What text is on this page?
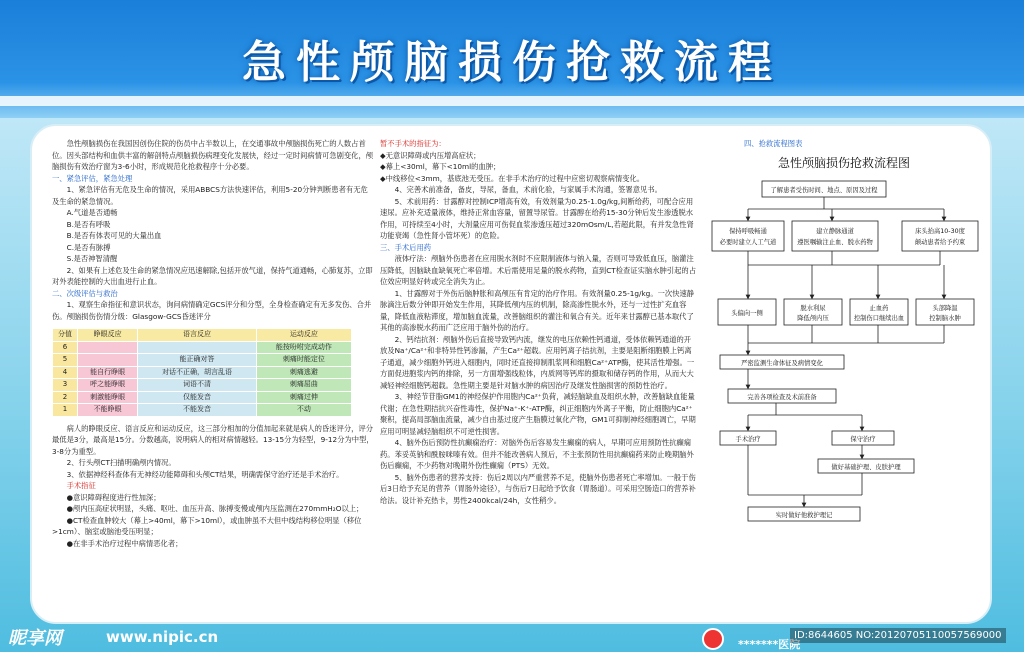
急性颅脑损伤抢救流程
急性颅脑损伤在我国因创伤住院的伤员中占半数以上，在交通事故中颅脑损伤死亡的人数占首位。因头部结构和血供丰富的解剖特点颅脑损伤病理变化发展快，经过一定时间病情可急剧变化，颅脑损伤有效治疗窗为3-6小时，形成规范化抢救程序十分必要。
一、紧急评估，紧急处理
1、紧急评估有无危及生命的情况，采用ABBCS方法快速评估，利用5-20分钟判断患者有无危及生命的紧急情况。
A.气道是否通畅
B.是否有呼吸
B.是否有体表可见的大量出血
C.是否有脉搏
S.是否神智清醒
2、如果有上述危及生命的紧急情况应迅速解除,包括开放气道，保持气道通畅，心肺复苏，立即对外表能控制的大出血进行止血。
二、次级评估与救治
1、观察生命指征和意识状态，询问病情确定GCS评分和分型，全身检查确定有无多发伤、合并伤。颅脑损伤伤情分级：Glasgow-GCS昏迷评分
分值	睁眼反应	语言反应	运动反应
6			能按吩咐完成动作
5		能正确对答	刺痛时能定位
4	能自行睁眼	对话不正确，胡言乱语	刺痛逃避
3	呼之能睁眼	词语不清	刺痛屈曲
2	刺激能睁眼	仅能发音	刺痛过伸
1	不能睁眼	不能发音	不动
病人的睁眼反应、语言反应和运动反应，这三部分相加的分值加起来就是病人的昏迷评分，评分最低是3分，最高是15分。分数越高，说明病人的相对病情越轻。13-15分为轻型，9-12分为中型，3-8分为重型。
2、行头颅CT扫描明确颅内情况。
3、依据神经科查体有无神经功能障碍和头颅CT结果，明确需保守治疗还是手术治疗。
手术指征
●意识障碍程度进行性加深；
●颅内压高症状明显，头痛、呕吐、血压升高、脉搏变慢或颅内压监测在270mmH₂O以上；
●CT检查血肿较大（幕上>40ml，幕下>10ml），或血肿虽不大但中线结构移位明显（移位>1cm）、脑室或脑池受压明显；
●在非手术治疗过程中病情恶化者；
暂不手术的指征为：
◆无意识障碍或内压增高症状；
◆幕上<30ml，幕下<10ml的血肿；
◆中线移位<3mm，基底池无受压。在非手术治疗的过程中应密切观察病情变化。
4、完善术前准备，备皮，导尿，备血，术前化验，与家属手术沟通，签署意见书。
5、术前用药：甘露醇对控制ICP增高有效，有效剂量为0.25-1.0g/kg,间断给药，可配合应用速尿。应补充适量液体，维持正常血容量，留置导尿管。甘露醇在给药15-30分钟后发生渗透脱水作用，可持续至4小时，大剂量应用可伤促血浆渗透压超过320mOsm/L,若超此限，有并发急性肾功能衰竭（急性肾小管坏死）的危险。
三、手术后用药
液体疗法：颅脑外伤患者在应用脱水剂时不应限制液体与钠入量，否则可导致低血压，脑灌注压降低，因脑缺血缺氧死亡率倍增。术后需使用足量的脱水药物，直到CT检查证实脑水肿引起的占位效应明显好转或完全消失为止。
1、甘露醇对于外伤后脑肿胀和高颅压有肯定的治疗作用。有效剂量0.25-1g/kg。一次快速静脉滴注后数分钟即开始发生作用，其降低颅内压的机制，除高渗性脱水外，还与一过性扩充血容量，降低血液粘滞度，增加脑血流量，改善脑组织的灌注和氧合有关。近年来甘露醇已基本取代了其他的高渗脱水药而广泛应用于脑外伤的治疗。
2、钙结抗剂：颅脑外伤后直接导致钙内流，继发的电压依赖性钙通道，受体依赖钙通道的开放及Na⁺/Ca²⁺和非特异性钙渗漏，产生Ca²⁺超载。应用钙离子拮抗剂，主要是阻断细胞膜上钙离子通道，减少细胞外钙进入细胞内，同时还直接抑制肌浆网和细胞Ca²⁺ATP酶，使其活性增强。一方面促进胞浆内钙的排除，另一方面增强线粒体，内质网等钙库的摄取和储存钙的作用，从而大大减轻神经细胞钙超载。急性期主要是针对脑水肿的病因治疗及继发性脑损害的预防性治疗。
3、神经节苷脂GM1的神经保护作用胞内Ca²⁺负荷，减轻脑缺血及组织水肿，改善脑缺血能量代谢；在急性期拮抗兴奋性毒性，保护Na⁺-K⁺-ATP酶，纠正细胞内外离子平衡，防止细胞内Ca²⁺聚积，提高局部脑血流量，减少自由基过度产生脂膜过氧化产物，GM1可抑制神经细胞凋亡，早期应用可明显减轻脑组织不可逆性损害。
4、脑外伤后预防性抗癫痫治疗：对脑外伤后容易发生癫痫的病人，早期可应用预防性抗癫痫药。苯妥英钠和酰胺咪嗪有效。但并不能改善病人预后，不主张预防性用抗癫痫药来防止晚期脑外伤后癫痫，不少药物对晚期外伤性癫痫（PTS）无效。
5、脑外伤患者的营养支持：伤后2周以内严重营养不足，使脑外伤患者死亡率增加。一般于伤后3日给予充足的营养（胃肠外途径），与伤后7日起给予饮食（胃肠道）。可采用空肠造口的营养补给法。设计补充热卡，男性2400kcal/24h，女性稍少。
四、抢救流程图表
急性颅脑损伤抢救流程图
了解患者受伤时间、地点、原因及过程
保持呼吸畅通
必要时建立人工气道
建立静脉通道
遵医嘱输注止血、脱水药物
床头抬高10-30度
颠动患者给予约束
头偏向一侧
脱水利尿
降低颅内压
止血药
控制伤口继续出血
头部降温
控制脑水肿
严密监测生命体征及病情变化
完善各项检查及术前准备
手术治疗	保守治疗
做好基础护理、皮肤护理
实时做好他救护理记
昵享网	www.nipic.cn	*******医院
ID:8644605 NO:20120705110057569000
